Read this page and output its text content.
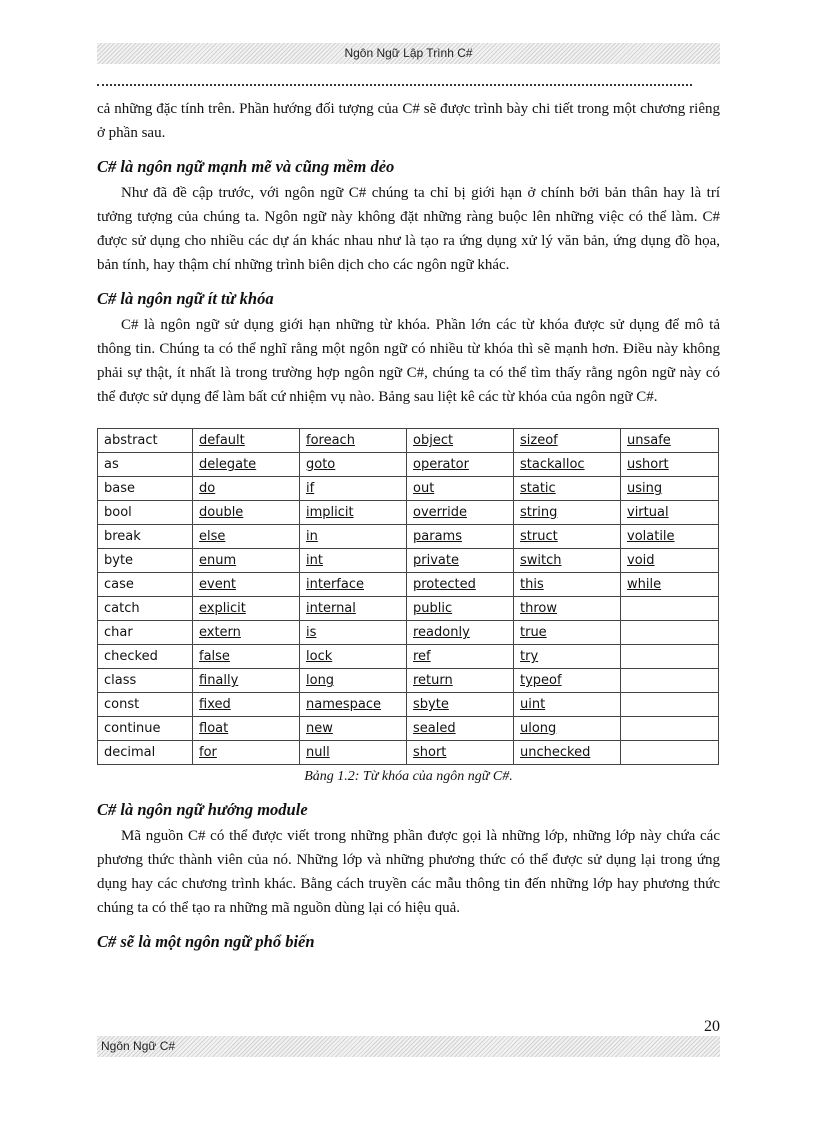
Ngôn Ngữ Lập Trình C#

cả những đặc tính trên. Phần hướng đối tượng của C# sẽ được trình bày chi tiết trong một chương riêng ở phần sau.

C# là ngôn ngữ mạnh mẽ và cũng mềm dẻo

Như đã đề cập trước, với ngôn ngữ C# chúng ta chỉ bị giới hạn ở chính bởi bản thân hay là trí tưởng tượng của chúng ta. Ngôn ngữ này không đặt những ràng buộc lên những việc có thể làm. C# được sử dụng cho nhiều các dự án khác nhau như là tạo ra ứng dụng xử lý văn bản, ứng dụng đồ họa, bản tính, hay thậm chí những trình biên dịch cho các ngôn ngữ khác.

C# là ngôn ngữ ít từ khóa

C# là ngôn ngữ sử dụng giới hạn những từ khóa. Phần lớn các từ khóa được sử dụng để mô tả thông tin. Chúng ta có thể nghĩ rằng một ngôn ngữ có nhiều từ khóa thì sẽ mạnh hơn. Điều này không phải sự thật, ít nhất là trong trường hợp ngôn ngữ C#, chúng ta có thể tìm thấy rằng ngôn ngữ này có thể được sử dụng để làm bất cứ nhiệm vụ nào. Bảng sau liệt kê các từ khóa của ngôn ngữ C#.

abstract	default	foreach	object	sizeof	unsafe
as	delegate	goto	operator	stackalloc	ushort
base	do	if	out	static	using
bool	double	implicit	override	string	virtual
break	else	in	params	struct	volatile
byte	enum	int	private	switch	void
case	event	interface	protected	this	while
catch	explicit	internal	public	throw	
char	extern	is	readonly	true	
checked	false	lock	ref	try	
class	finally	long	return	typeof	
const	fixed	namespace	sbyte	uint	
continue	float	new	sealed	ulong	
decimal	for	null	short	unchecked	
Bảng 1.2: Từ khóa của ngôn ngữ C#.
C# là ngôn ngữ hướng module

Mã nguồn C# có thể được viết trong những phần được gọi là những lớp, những lớp này chứa các phương thức thành viên của nó. Những lớp và những phương thức có thể được sử dụng lại trong ứng dụng hay các chương trình khác. Bằng cách truyền các mẫu thông tin đến những lớp hay phương thức chúng ta có thể tạo ra những mã nguồn dùng lại có hiệu quả.

C# sẽ là một ngôn ngữ phổ biến
20
Ngôn Ngữ C#
